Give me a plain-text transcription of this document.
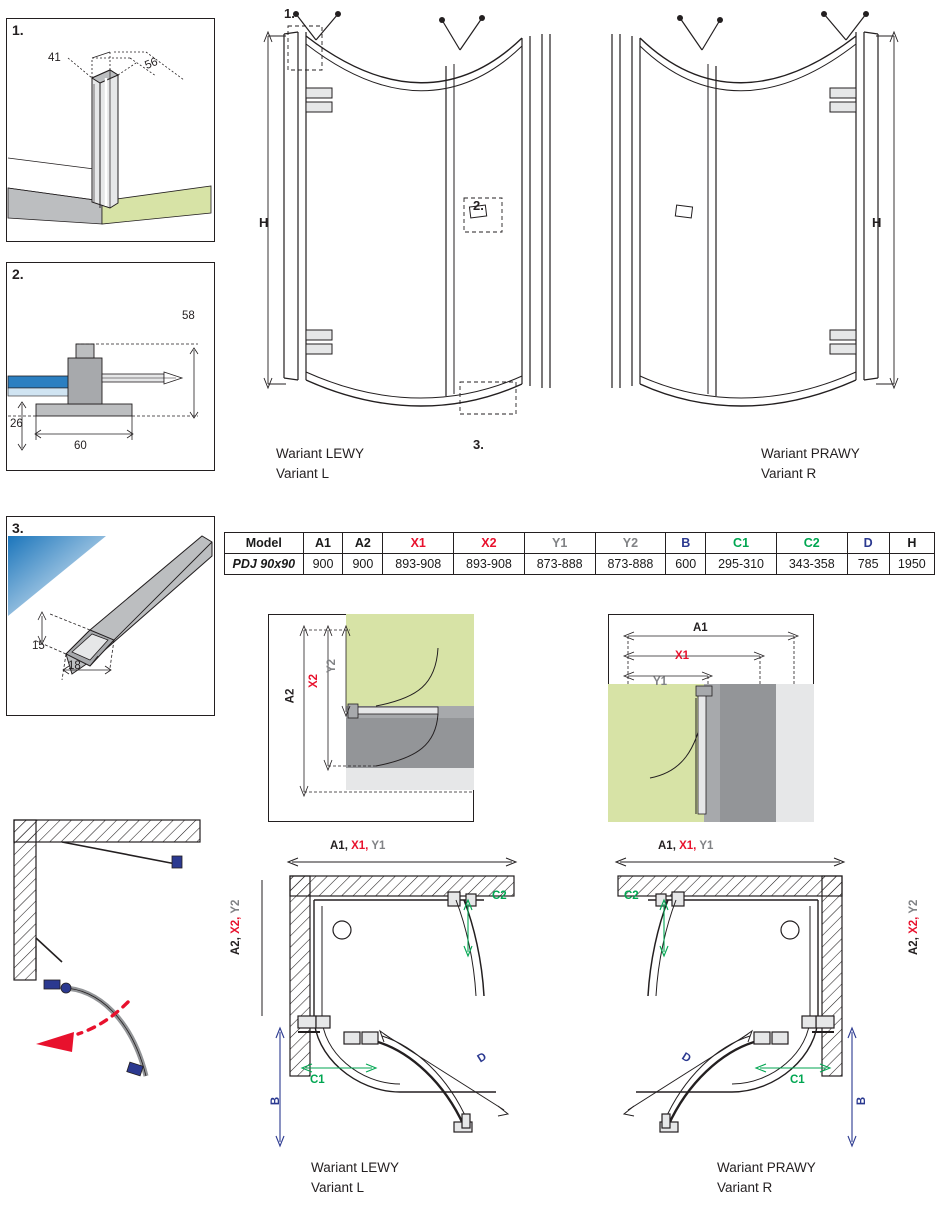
1.
41	56
2.
58
26
60
3.
15
18
1.
2.
3.
H
Wariant LEWY
Variant L
H
Wariant PRAWY
Variant R
Model	A1	A2	X1	X2	Y1	Y2	B	C1	C2	D	H
PDJ 90x90	900	900	893-908	893-908	873-888	873-888	600	295-310	343-358	785	1950
A2
X2
Y2
A1
X1
Y1
A1, X1, Y1
A2, X2, Y2
C2
C1
B
D
Wariant LEWY
Variant L
A1, X1, Y1
A2, X2, Y2
C2
C1
B
D
Wariant PRAWY
Variant R
